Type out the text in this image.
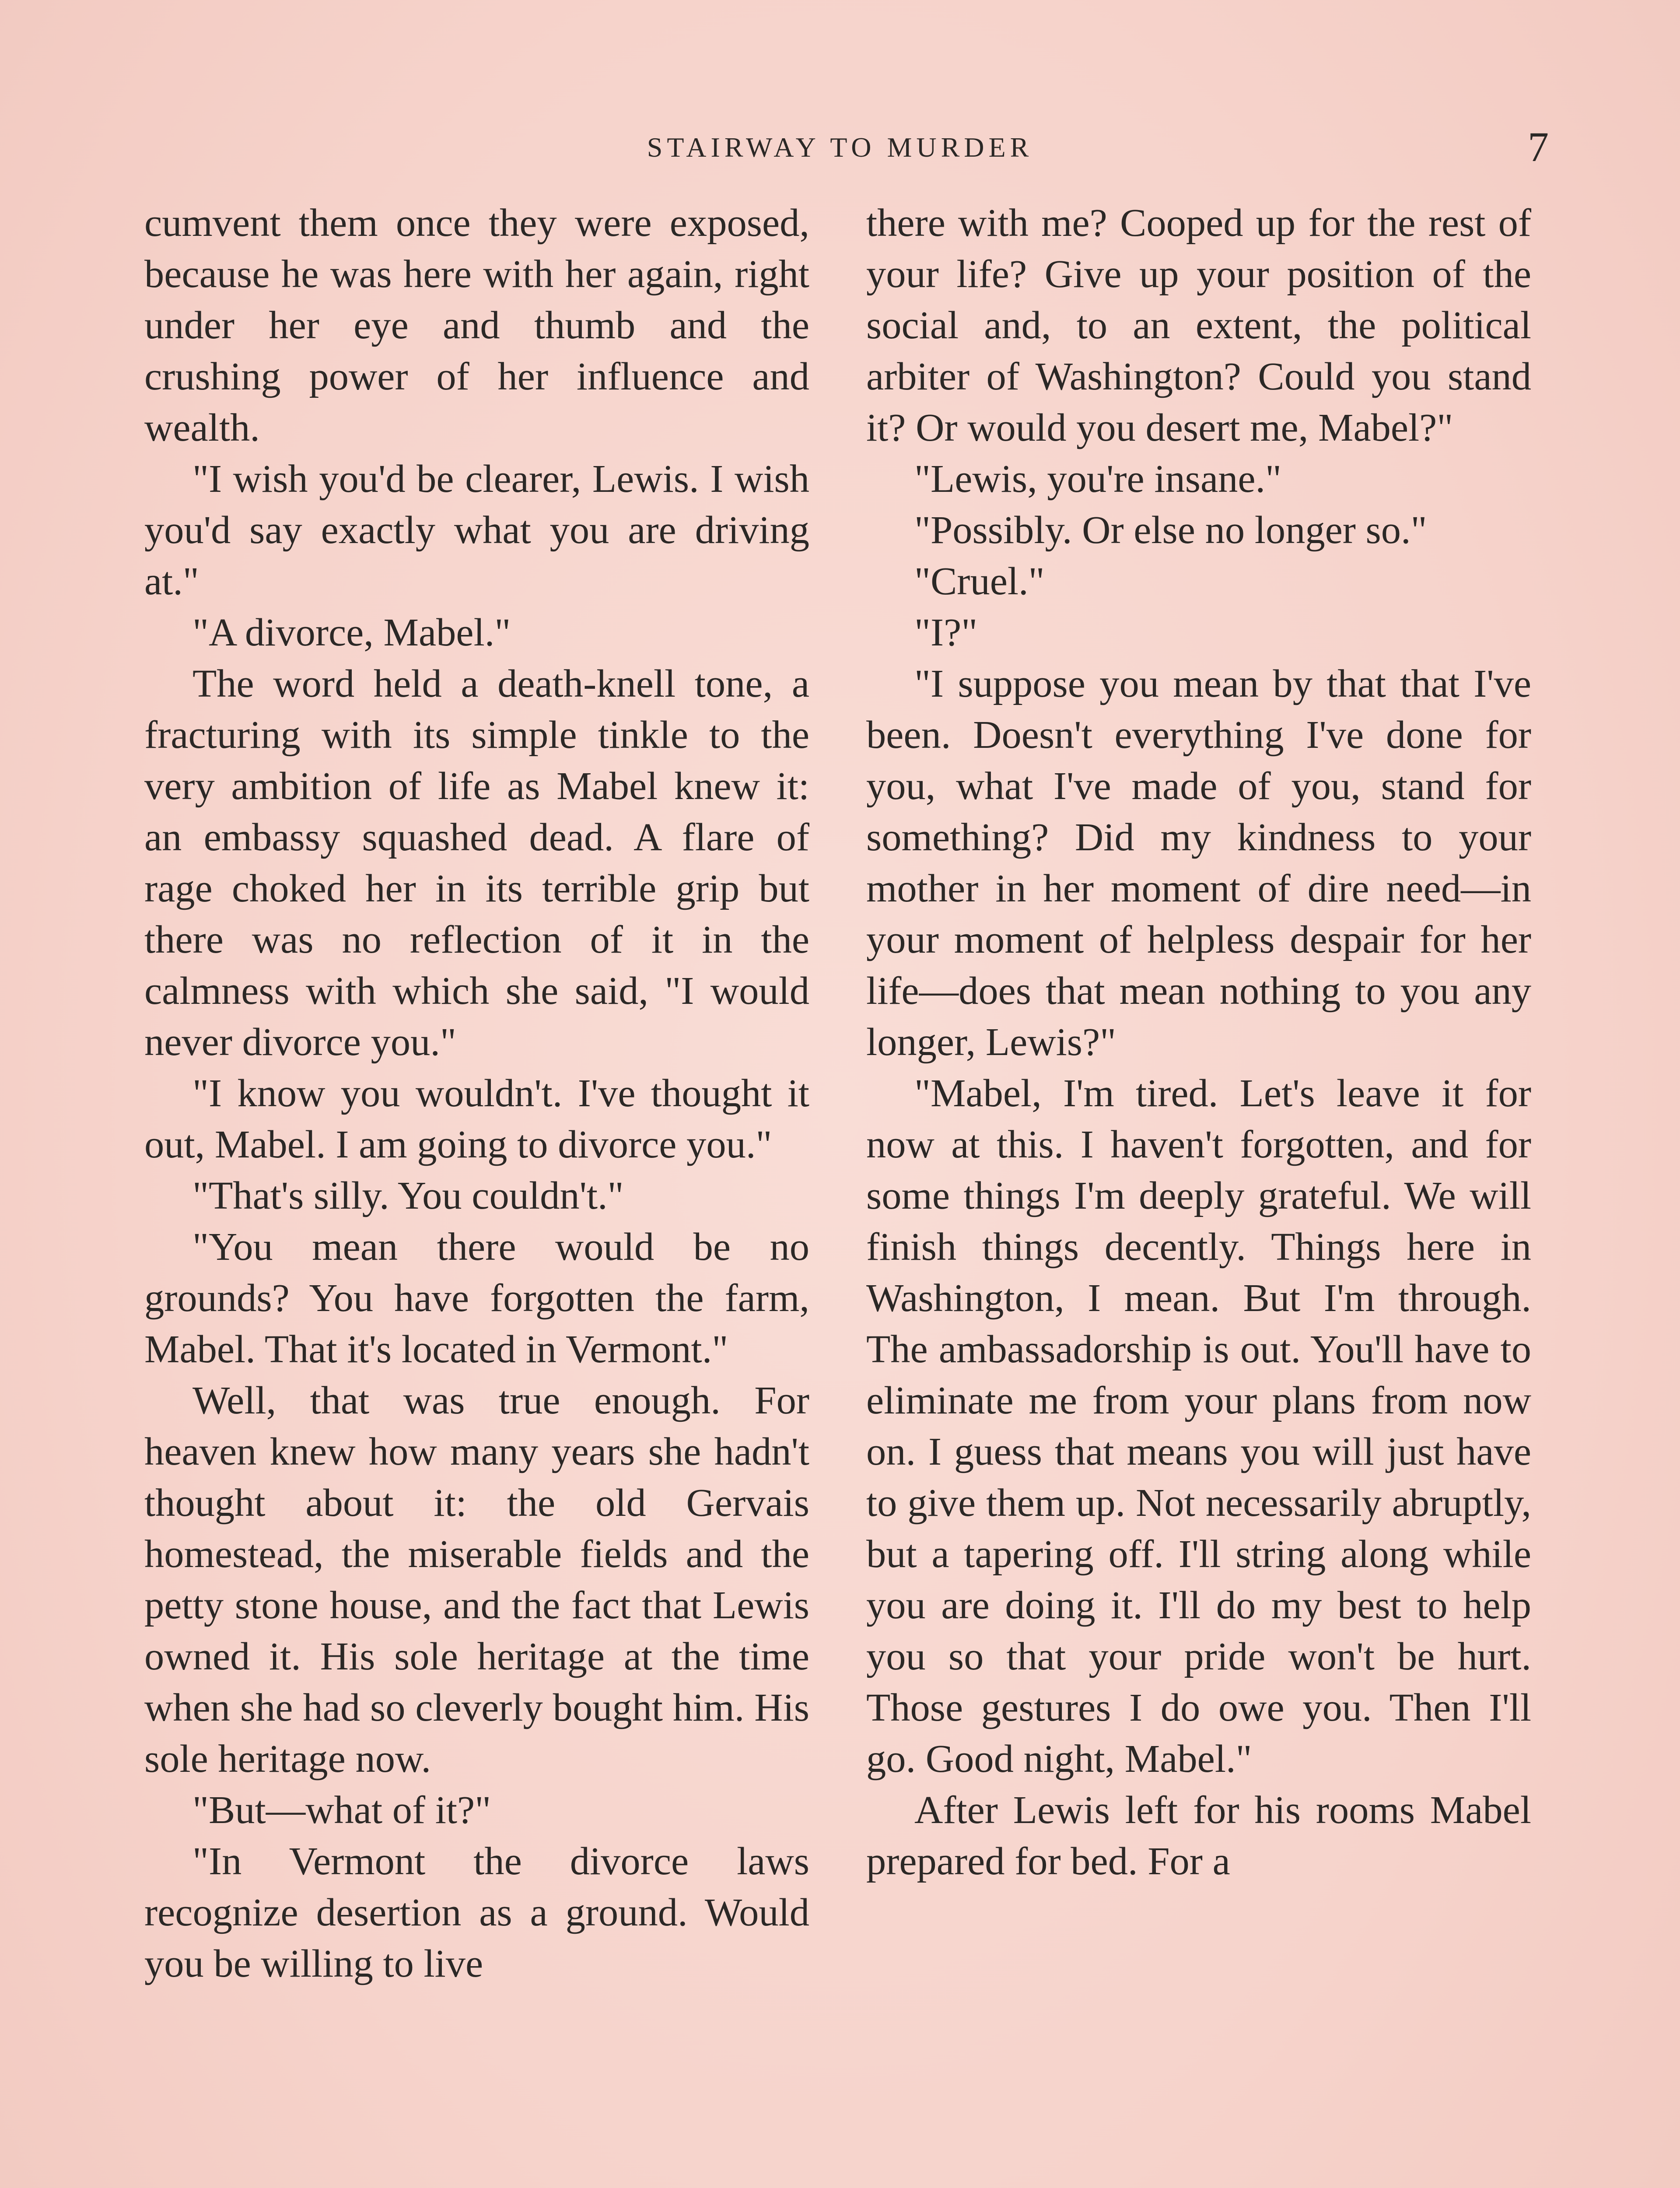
STAIRWAY TO MURDER	7

cumvent them once they were exposed, because he was here with her again, right under her eye and thumb and the crushing power of her influence and wealth.

"I wish you'd be clearer, Lewis. I wish you'd say exactly what you are driving at."

"A divorce, Mabel."

The word held a death-knell tone, a fracturing with its simple tinkle to the very ambition of life as Mabel knew it: an embassy squashed dead. A flare of rage choked her in its terrible grip but there was no reflection of it in the calmness with which she said, "I would never divorce you."

"I know you wouldn't. I've thought it out, Mabel. I am going to divorce you."

"That's silly. You couldn't."

"You mean there would be no grounds? You have forgotten the farm, Mabel. That it's located in Vermont."

Well, that was true enough. For heaven knew how many years she hadn't thought about it: the old Gervais homestead, the miserable fields and the petty stone house, and the fact that Lewis owned it. His sole heritage at the time when she had so cleverly bought him. His sole heritage now.

"But—what of it?"

"In Vermont the divorce laws recognize desertion as a ground. Would you be willing to live

there with me? Cooped up for the rest of your life? Give up your position of the social and, to an extent, the political arbiter of Washington? Could you stand it? Or would you desert me, Mabel?"

"Lewis, you're insane."

"Possibly. Or else no longer so."

"Cruel."

"I?"

"I suppose you mean by that that I've been. Doesn't everything I've done for you, what I've made of you, stand for something? Did my kindness to your mother in her moment of dire need—in your moment of helpless despair for her life—does that mean nothing to you any longer, Lewis?"

"Mabel, I'm tired. Let's leave it for now at this. I haven't forgotten, and for some things I'm deeply grateful. We will finish things decently. Things here in Washington, I mean. But I'm through. The ambassadorship is out. You'll have to eliminate me from your plans from now on. I guess that means you will just have to give them up. Not necessarily abruptly, but a tapering off. I'll string along while you are doing it. I'll do my best to help you so that your pride won't be hurt. Those gestures I do owe you. Then I'll go. Good night, Mabel."

After Lewis left for his rooms Mabel prepared for bed. For a
